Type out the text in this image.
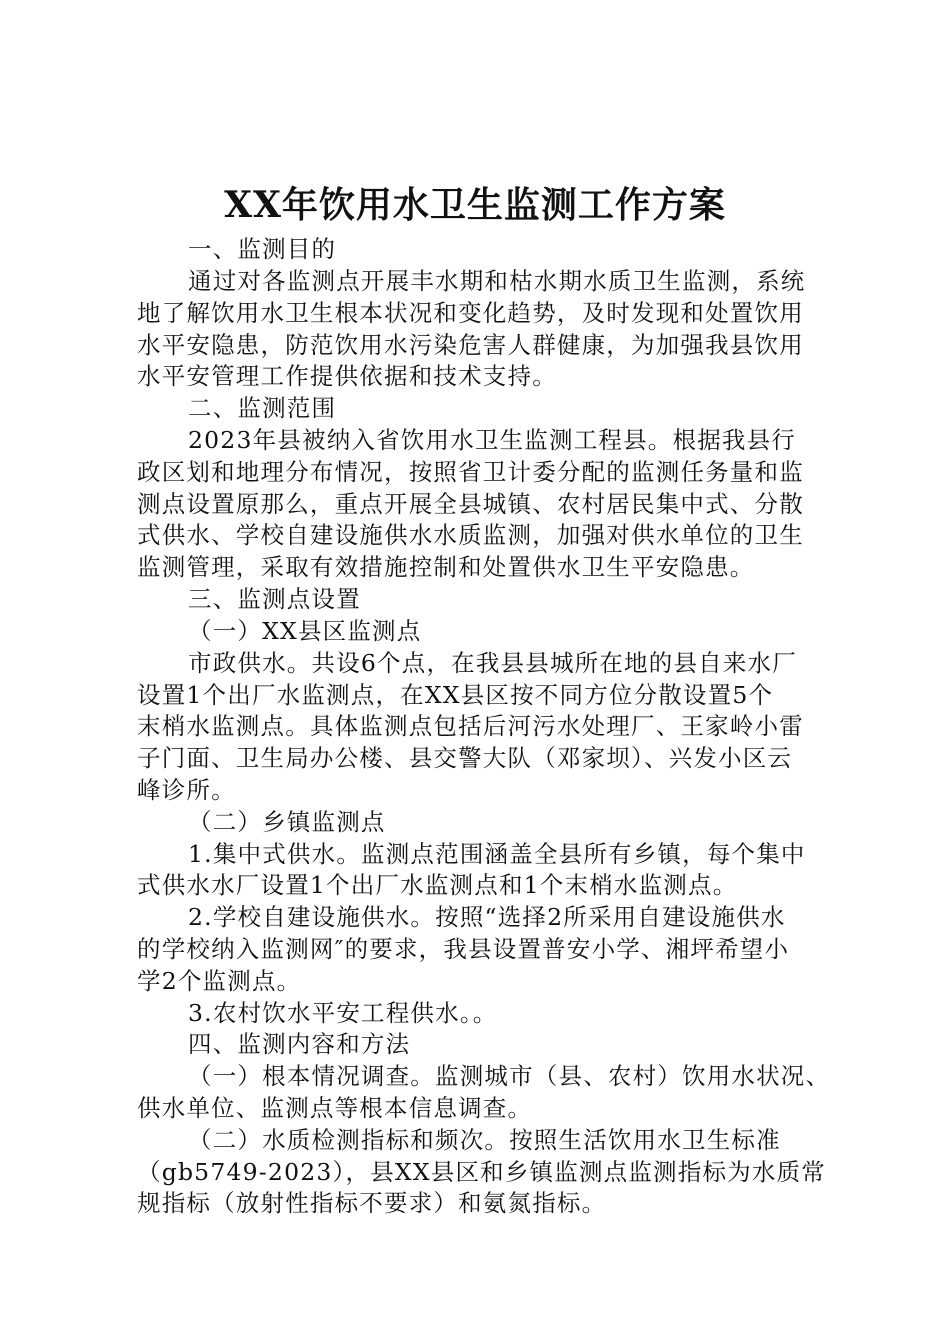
XX年饮用水卫生监测工作方案
一、监测目的
通过对各监测点开展丰水期和枯水期水质卫生监测，系统
地了解饮用水卫生根本状况和变化趋势，及时发现和处置饮用
水平安隐患，防范饮用水污染危害人群健康，为加强我县饮用
水平安管理工作提供依据和技术支持。
二、监测范围
2023年县被纳入省饮用水卫生监测工程县。根据我县行
政区划和地理分布情况，按照省卫计委分配的监测任务量和监
测点设置原那么，重点开展全县城镇、农村居民集中式、分散
式供水、学校自建设施供水水质监测，加强对供水单位的卫生
监测管理，采取有效措施控制和处置供水卫生平安隐患。
三、监测点设置
（一）XX县区监测点
市政供水。共设6个点，在我县县城所在地的县自来水厂
设置1个出厂水监测点，在XX县区按不同方位分散设置5个
末梢水监测点。具体监测点包括后河污水处理厂、王家岭小雷
子门面、卫生局办公楼、县交警大队（邓家坝）、兴发小区云
峰诊所。
（二）乡镇监测点
1.集中式供水。监测点范围涵盖全县所有乡镇，每个集中
式供水水厂设置1个出厂水监测点和1个末梢水监测点。
2.学校自建设施供水。按照“选择2所采用自建设施供水
的学校纳入监测网″的要求，我县设置普安小学、湘坪希望小
学2个监测点。
3.农村饮水平安工程供水。。
四、监测内容和方法
（一）根本情况调查。监测城市（县、农村）饮用水状况、
供水单位、监测点等根本信息调查。
（二）水质检测指标和频次。按照生活饮用水卫生标准
（gb5749-2023），县XX县区和乡镇监测点监测指标为水质常
规指标（放射性指标不要求）和氨氮指标。
